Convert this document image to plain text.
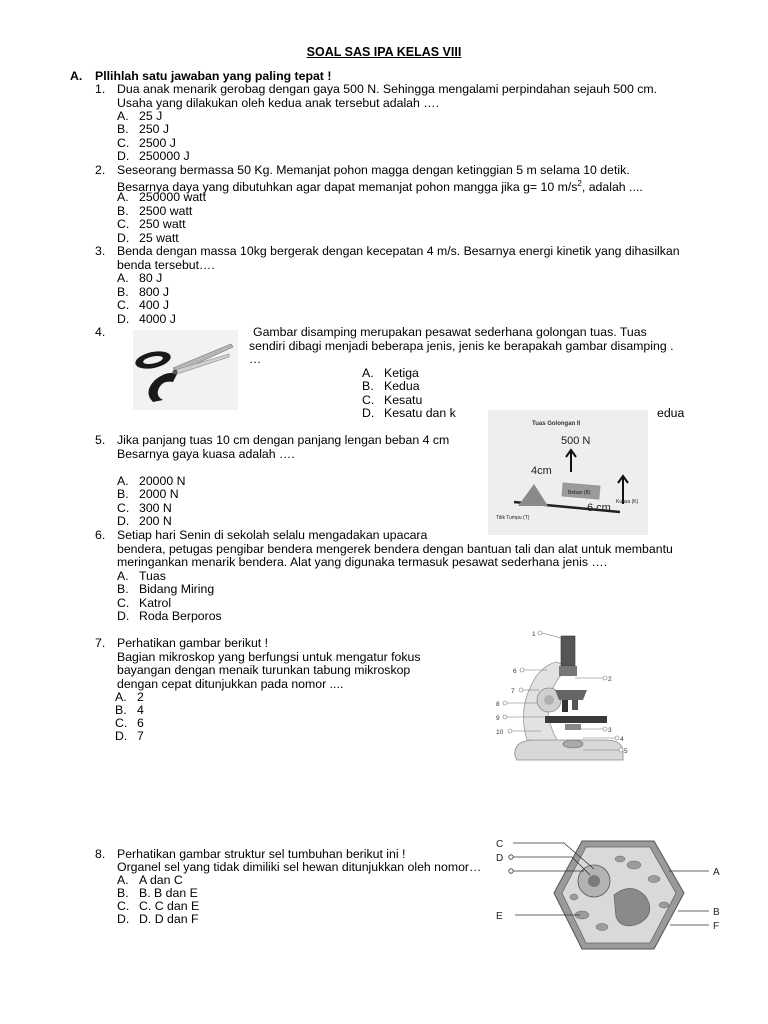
SOAL SAS IPA KELAS VIII
A. Pllihlah satu jawaban yang paling tepat !
1. Dua anak menarik gerobag dengan gaya 500 N. Sehingga mengalami perpindahan sejauh 500 cm.
Usaha yang dilakukan oleh kedua anak tersebut adalah ….
A. 25 J
B. 250 J
C. 2500 J
D. 250000 J
2. Seseorang bermassa 50 Kg. Memanjat pohon magga dengan ketinggian 5 m selama 10 detik.
Besarnya daya yang dibutuhkan agar dapat memanjat pohon mangga jika g= 10 $m/s^2$, adalah ....
A. 250000 watt
B. 2500 watt
C. 250 watt
D. 25 watt
3. Benda dengan massa 10kg bergerak dengan kecepatan 4 m/s. Besarnya energi kinetik yang dihasilkan
benda tersebut….
A. 80 J
B. 800 J
C. 400 J
D. 4000 J
4.	Gambar disamping merupakan pesawat sederhana golongan tuas. Tuas
sendiri dibagi menjadi beberapa jenis, jenis ke berapakah gambar disamping .
…
A. Ketiga
B. Kedua
C. Kesatu
D. Kesatu dan k	edua
Tuas Golongan II
500 N
4cm
Beban (B)
Kuasa (K)
6 cm
Titik Tumpu (T)
5. Jika panjang tuas 10 cm dengan panjang lengan beban 4 cm
Besarnya gaya kuasa adalah ….
A. 20000 N
B. 2000 N
C. 300 N
D. 200 N
6. Setiap hari Senin di sekolah selalu mengadakan upacara
bendera, petugas pengibar bendera mengerek bendera dengan bantuan tali dan alat untuk membantu
meringankan menarik bendera. Alat yang digunaka termasuk pesawat sederhana jenis ….
A. Tuas
B. Bidang Miring
C. Katrol
D. Roda Berporos
7. Perhatikan gambar berikut !
Bagian mikroskop yang berfungsi untuk mengatur fokus
bayangan dengan menaik turunkan tabung mikroskop
dengan cepat ditunjukkan pada nomor ....
A. 2
B. 4
C. 6
D. 7
1
2
3
4
5
6
7
8
9
10
8. Perhatikan gambar struktur sel tumbuhan berikut ini !
Organel sel yang tidak dimiliki sel hewan ditunjukkan oleh nomor…
A. A dan C
B. B. B dan E
C. C. C dan E
D. D. D dan F
C
D
E
A
B
F
